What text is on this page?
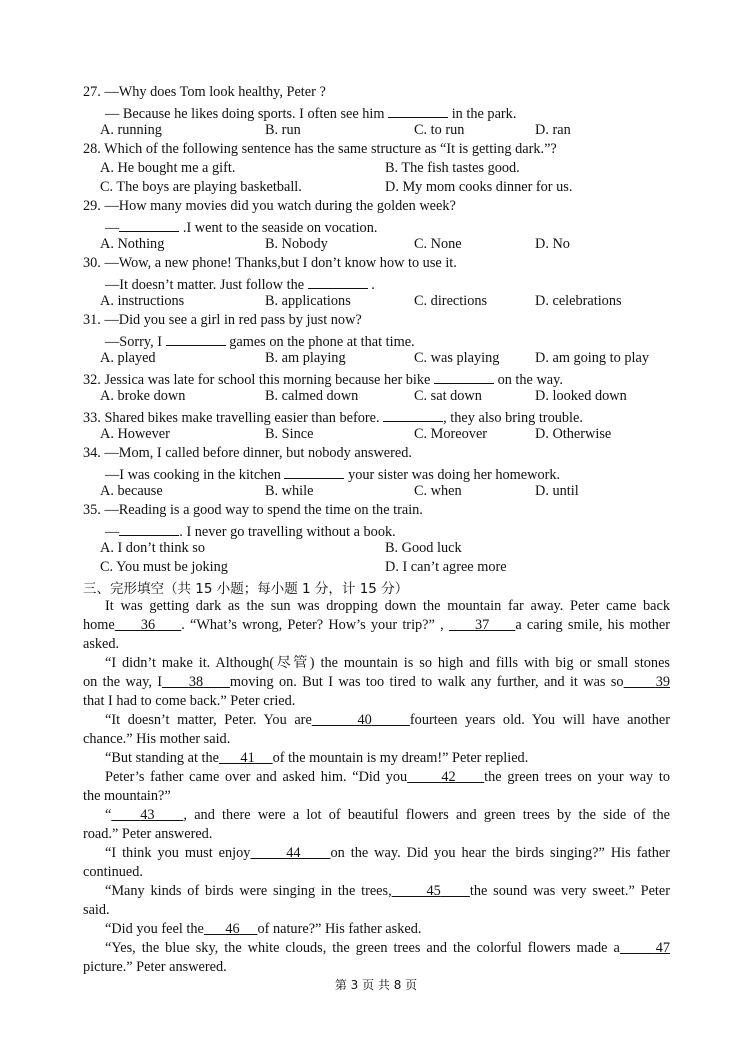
27. —Why does Tom look healthy, Peter ?
— Because he likes doing sports. I often see him	in the park.
A. running	B. run	C. to run	D. ran
28. Which of the following sentence has the same structure as “It is getting dark.”?
A. He bought me a gift.	B. The fish tastes good.
C. The boys are playing basketball.	D. My mom cooks dinner for us.
29. —How many movies did you watch during the golden week?
—	.I went to the seaside on vocation.
A. Nothing	B. Nobody	C. None	D. No
30. —Wow, a new phone! Thanks,but I don’t know how to use it.
—It doesn’t matter. Just follow the	.
A. instructions	B. applications	C. directions	D. celebrations
31. —Did you see a girl in red pass by just now?
—Sorry, I	games on the phone at that time.
A. played	B. am playing	C. was playing D. am going to play
32. Jessica was late for school this morning because her bike	on the way.
A. broke down	B. calmed down	C. sat down	D. looked down
33. Shared bikes make travelling easier than before.	, they also bring trouble.
A. However	B. Since	C. Moreover	D. Otherwise
34. —Mom, I called before dinner, but nobody answered.
—I was cooking in the kitchen	your sister was doing her homework.
A. because	B. while	C. when	D. until
35. —Reading is a good way to spend the time on the train.
—	. I never go travelling without a book.
A. I don’t think so	B. Good luck
C. You must be joking	D. I can’t agree more
三、完形填空（共 15 小题；每小题 1 分，计 15 分）
It was getting dark as the sun was dropping down the mountain far away. Peter came back
home 36 . “What’s wrong, Peter? How’s your trip?” , 37 a caring smile, his mother
asked.
“I didn’t make it. Although(尽管) the mountain is so high and fills with big or small stones
on the way, I 38 moving on. But I was too tired to walk any further, and it was so 39
that I had to come back.” Peter cried.
“It doesn’t matter, Peter. You are	40	fourteen years old. You will have another
chance.” His mother said.
“But standing at the 41 of the mountain is my dream!” Peter replied.
Peter’s father came over and asked him. “Did you 42 the green trees on your way to
the mountain?”
“ 43 , and there were a lot of beautiful flowers and green trees by the side of the
road.” Peter answered.
“I think you must enjoy	44 on the way. Did you hear the birds singing?” His father
continued.
“Many kinds of birds were singing in the trees, 45 the sound was very sweet.” Peter
said.
“Did you feel the 46 of nature?” His father asked.
“Yes, the blue sky, the white clouds, the green trees and the colorful flowers made a	47
picture.” Peter answered.
第 3 页 共 8 页
